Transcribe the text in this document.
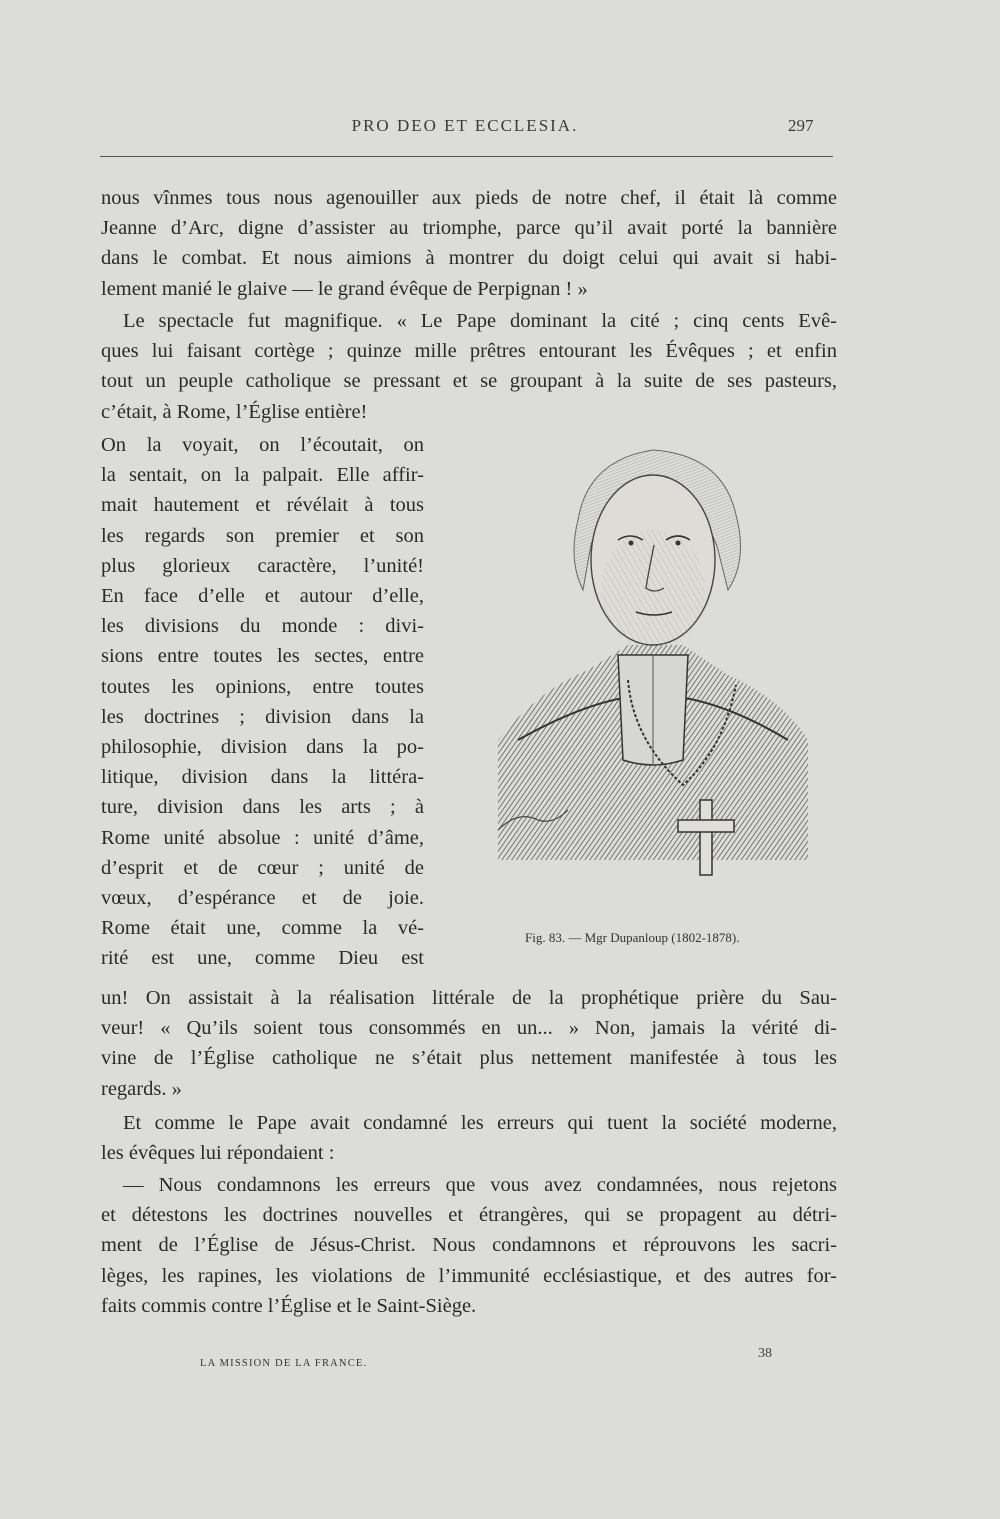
PRO DEO ET ECCLESIA.	297
nous vînmes tous nous agenouiller aux pieds de notre chef, il était là comme
Jeanne d’Arc, digne d’assister au triomphe, parce qu’il avait porté la bannière
dans le combat. Et nous aimions à montrer du doigt celui qui avait si habi-
lement manié le glaive — le grand évêque de Perpignan ! »
Le spectacle fut magnifique. « Le Pape dominant la cité ; cinq cents Evê-
ques lui faisant cortège ; quinze mille prêtres entourant les Évêques ; et enfin
tout un peuple catholique se pressant et se groupant à la suite de ses pasteurs,
c’était, à Rome, l’Église entière!
On la voyait, on l’écoutait, on
la sentait, on la palpait. Elle affir-
mait hautement et révélait à tous
les regards son premier et son
plus glorieux caractère, l’unité!
En face d’elle et autour d’elle,
les divisions du monde : divi-
sions entre toutes les sectes, entre
toutes les opinions, entre toutes
les doctrines ; division dans la
philosophie, division dans la po-
litique, division dans la littéra-
ture, division dans les arts ; à
Rome unité absolue : unité d’âme,
d’esprit et de cœur ; unité de
vœux, d’espérance et de joie.
Rome était une, comme la vé-
rité est une, comme Dieu est
Fig. 83. — Mgr Dupanloup (1802-1878).
un! On assistait à la réalisation littérale de la prophétique prière du Sau-
veur! « Qu’ils soient tous consommés en un... » Non, jamais la vérité di-
vine de l’Église catholique ne s’était plus nettement manifestée à tous les
regards. »
Et comme le Pape avait condamné les erreurs qui tuent la société moderne,
les évêques lui répondaient :
— Nous condamnons les erreurs que vous avez condamnées, nous rejetons
et détestons les doctrines nouvelles et étrangères, qui se propagent au détri-
ment de l’Église de Jésus-Christ. Nous condamnons et réprouvons les sacri-
lèges, les rapines, les violations de l’immunité ecclésiastique, et des autres for-
faits commis contre l’Église et le Saint-Siège.
38
LA MISSION DE LA FRANCE.
